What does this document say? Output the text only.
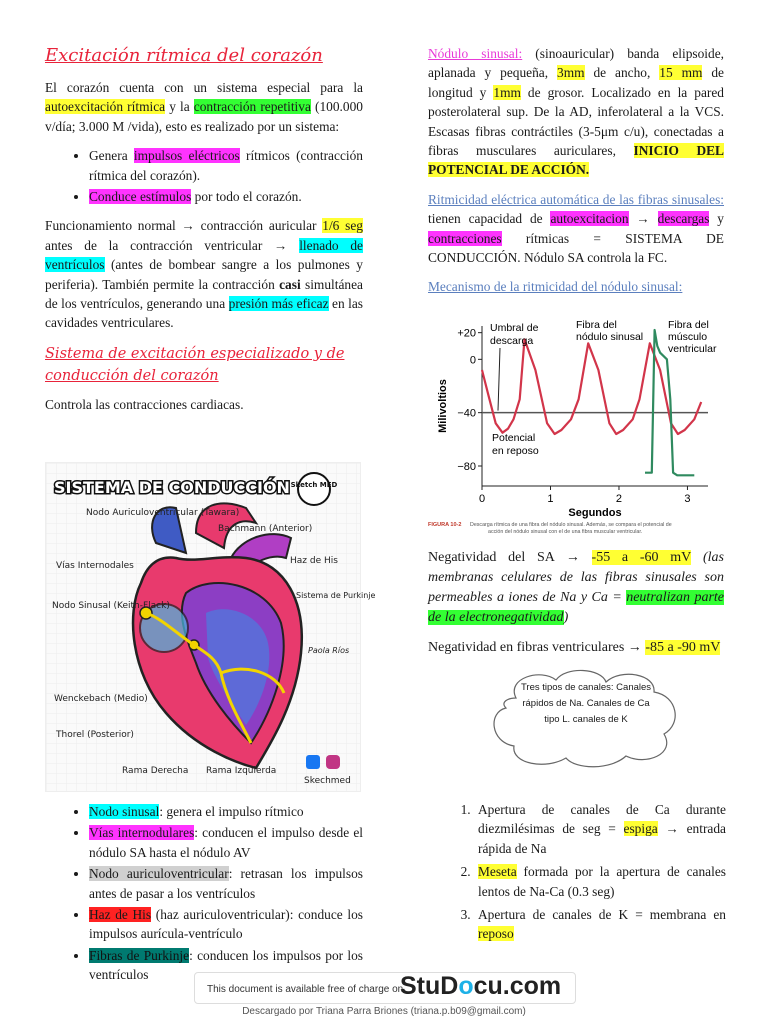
Excitación rítmica del corazón

El corazón cuenta con un sistema especial para la autoexcitación rítmica y la contracción repetitiva (100.000 v/día; 3.000 M /vida), esto es realizado por un sistema:

• Genera impulsos eléctricos rítmicos (contracción rítmica del corazón).
• Conduce estímulos por todo el corazón.

Funcionamiento normal → contracción auricular 1/6 seg antes de la contracción ventricular → llenado de ventrículos (antes de bombear sangre a los pulmones y periferia). También permite la contracción casi simultánea de los ventrículos, generando una presión más eficaz en las cavidades ventriculares.

Sistema de excitación especializado y de conducción del corazón

Controla las contracciones cardiacas.

SISTEMA DE CONDUCCIÓN Sketch MED
Nodo Auriculoventricular (Tawara)
Bachmann (Anterior)
Vías Internodales	Haz de His
Nodo Sinusal (Keith-Flack)
Sistema de Purkinje
Wenckebach (Medio)
Thorel (Posterior)
Rama Derecha Rama Izquierda
Paola Ríos
Skechmed
• Nodo sinusal: genera el impulso rítmico
• Vías internodulares: conducen el impulso desde el nódulo SA hasta el nódulo AV
• Nodo auriculoventricular: retrasan los impulsos antes de pasar a los ventrículos
• Haz de His (haz auriculoventricular): conduce los impulsos aurícula-ventrículo
• Fibras de Purkinje: conducen los impulsos por los ventrículos

Nódulo sinusal: (sinoauricular) banda elipsoide, aplanada y pequeña, 3mm de ancho, 15 mm de longitud y 1mm de grosor. Localizado en la pared posterolateral sup. De la AD, inferolateral a la VCS. Escasas fibras contráctiles (3-5μm c/u), conectadas a fibras musculares auriculares, INICIO DEL POTENCIAL DE ACCIÓN.

Ritmicidad eléctrica automática de las fibras sinusales: tienen capacidad de autoexcitacion → descargas y contracciones rítmicas = SISTEMA DE CONDUCCIÓN. Nódulo SA controla la FC.

Mecanismo de la ritmicidad del nódulo sinusal:

+20
0
−40
−80
0	1	2	3
Segundos
Milivoltios
Umbral de
descarga
Fibra del
nódulo sinusal
Fibra del
músculo
ventricular
Potencial
en reposo
FIGURA 10-2 Descarga rítmica de una fibra del nódulo sinusal. Además, se compara el potencial de
acción del nódulo sinusal con el de una fibra muscular ventricular.

Negatividad del SA → -55 a -60 mV (las membranas celulares de las fibras sinusales son permeables a iones de Na y Ca = neutralizan parte de la electronegatividad)

Negatividad en fibras ventriculares → -85 a -90 mV

Tres tipos de canales: Canales rápidos de Na. Canales de Ca tipo L. canales de K
1. Apertura de canales de Ca durante diezmilésimas de seg = espiga → entrada rápida de Na
2. Meseta formada por la apertura de canales lentos de Na-Ca (0.3 seg)
3. Apertura de canales de K = membrana en reposo
This document is available free of charge on
StuDocu.com
Descargado por Triana Parra Briones (triana.p.b09@gmail.com)
